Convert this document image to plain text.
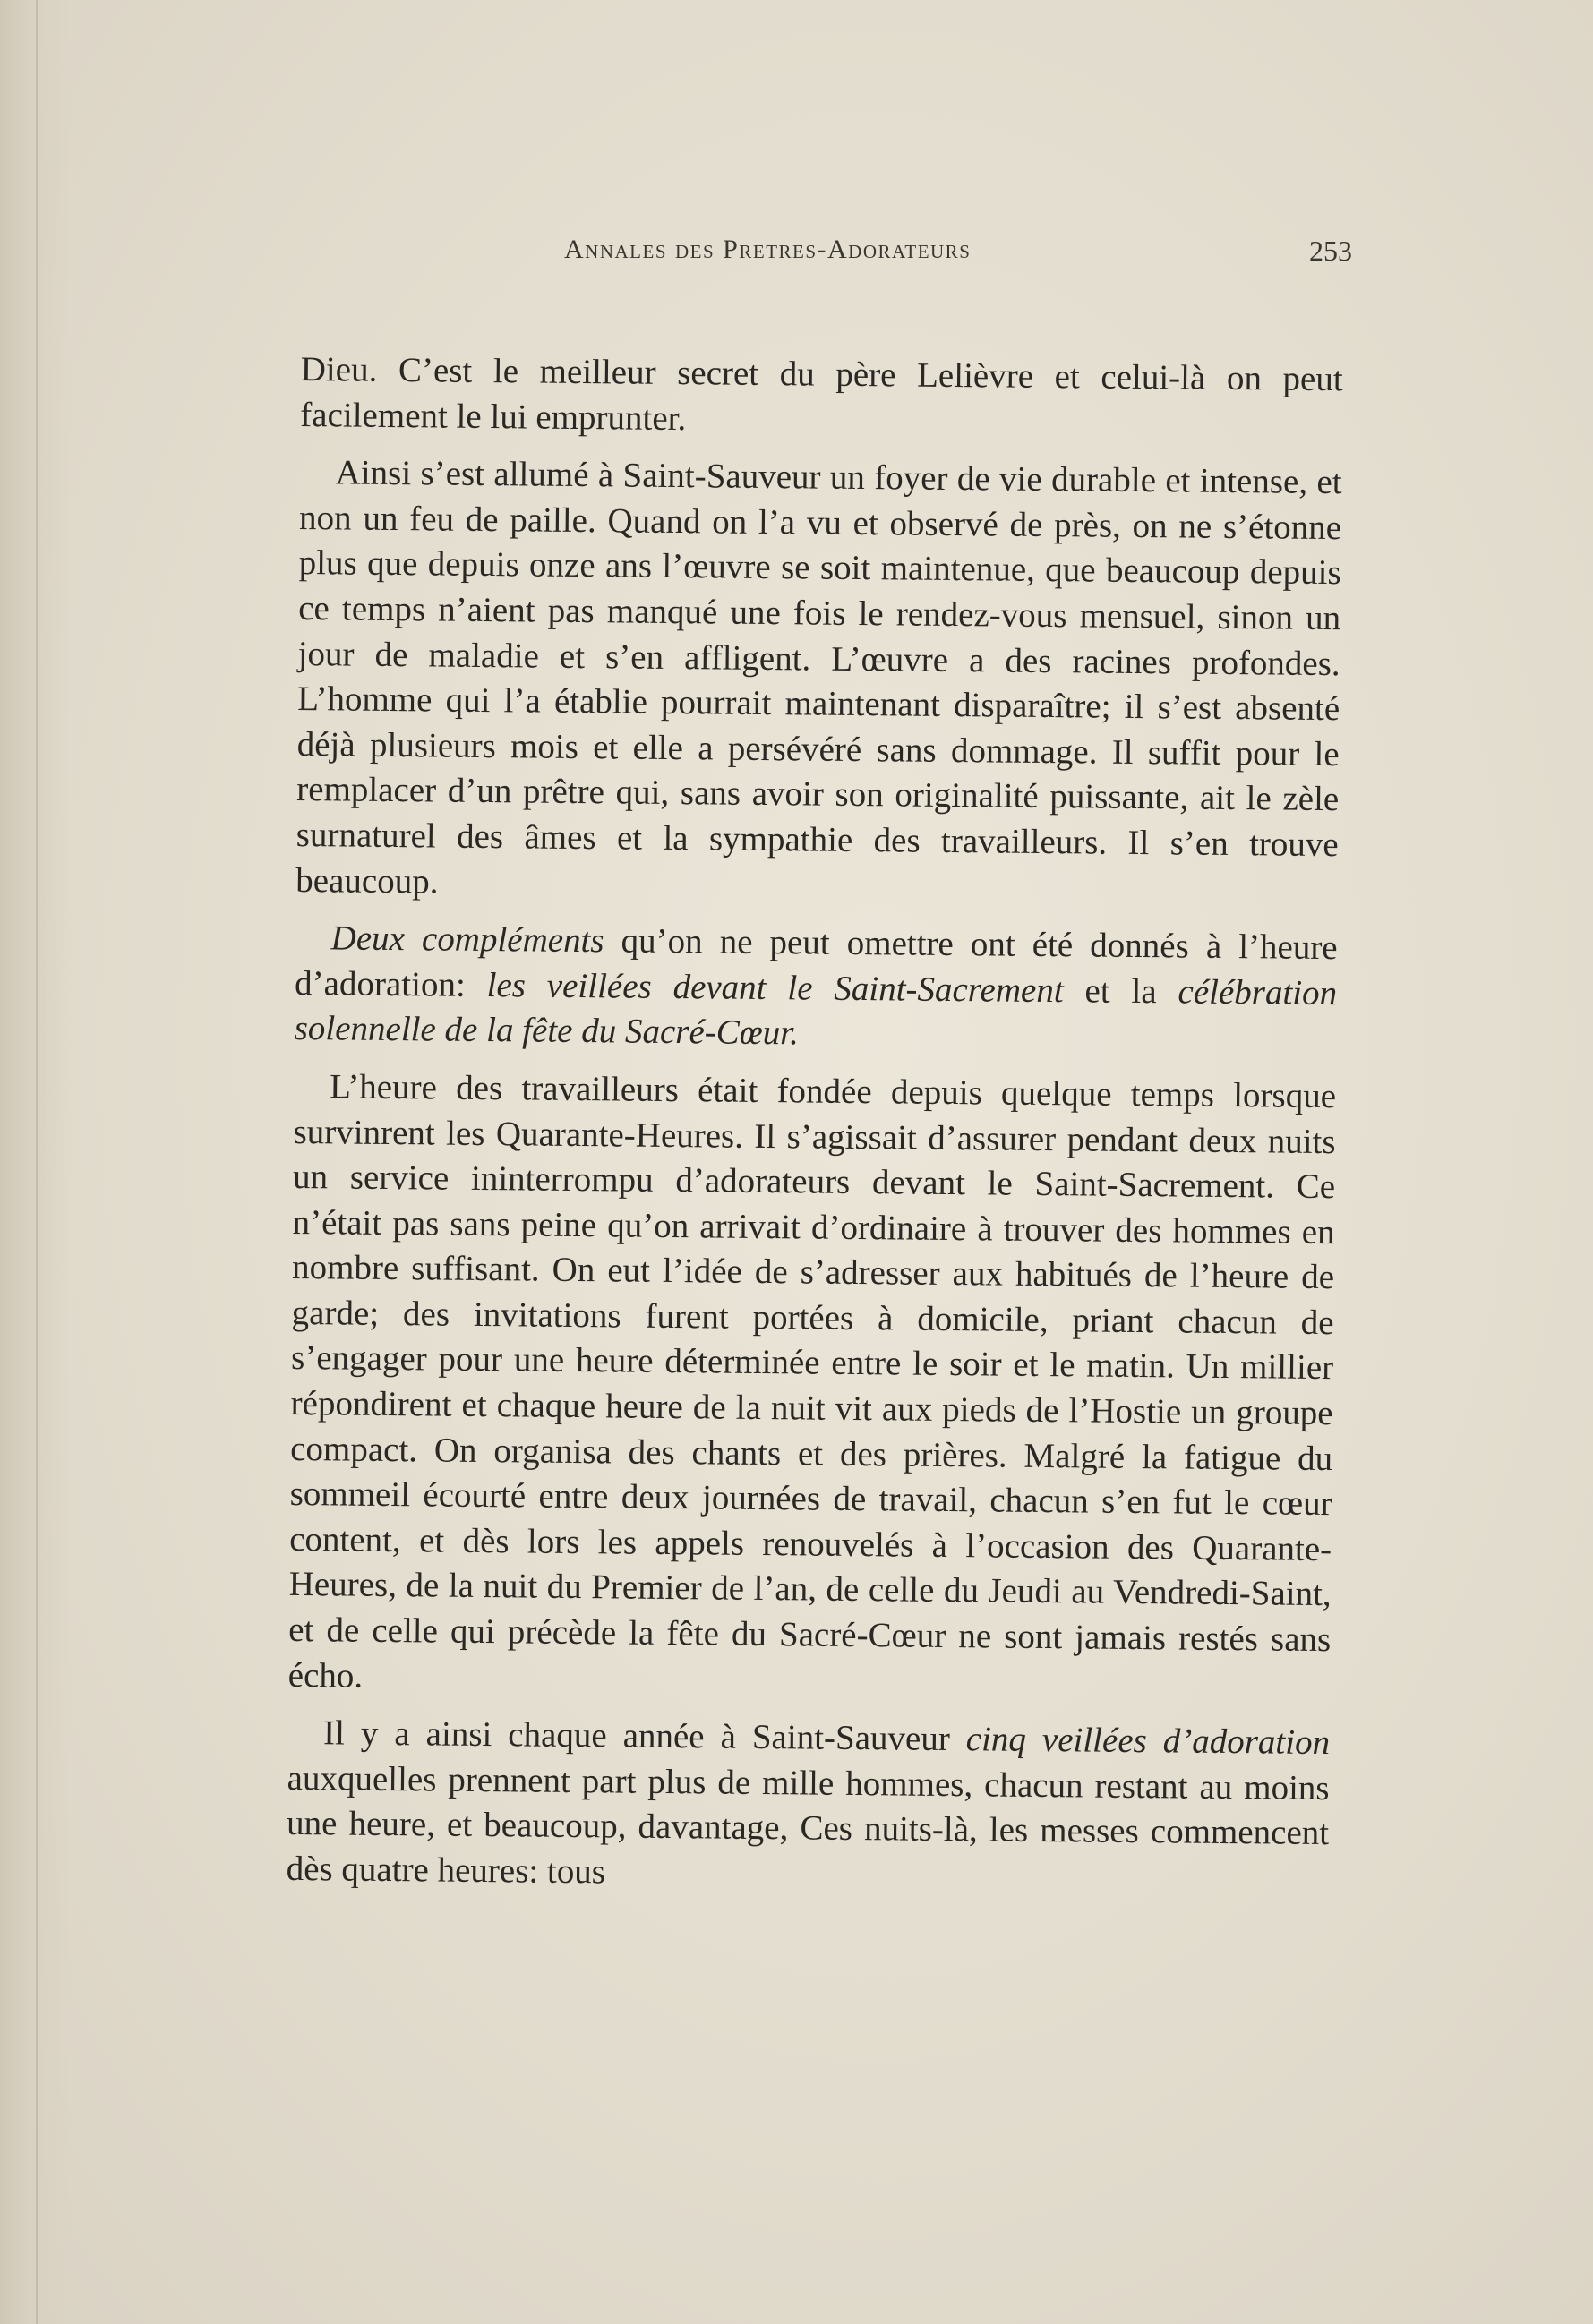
Annales des Pretres-Adorateurs	253

Dieu. C’est le meilleur secret du père Lelièvre et celui-là on peut facilement le lui emprunter.

Ainsi s’est allumé à Saint-Sauveur un foyer de vie durable et intense, et non un feu de paille. Quand on l’a vu et observé de près, on ne s’étonne plus que depuis onze ans l’œuvre se soit maintenue, que beaucoup depuis ce temps n’aient pas manqué une fois le rendez-vous mensuel, sinon un jour de maladie et s’en affligent. L’œuvre a des racines profondes. L’homme qui l’a établie pourrait maintenant disparaître; il s’est absenté déjà plusieurs mois et elle a persévéré sans dommage. Il suffit pour le remplacer d’un prêtre qui, sans avoir son originalité puissante, ait le zèle surnaturel des âmes et la sympathie des travailleurs. Il s’en trouve beaucoup.

Deux compléments qu’on ne peut omettre ont été donnés à l’heure d’adoration: les veillées devant le Saint-Sacrement et la célébration solennelle de la fête du Sacré-Cœur.

L’heure des travailleurs était fondée depuis quelque temps lorsque survinrent les Quarante-Heures. Il s’agissait d’assurer pendant deux nuits un service ininterrompu d’adorateurs devant le Saint-Sacrement. Ce n’était pas sans peine qu’on arrivait d’ordinaire à trouver des hommes en nombre suffisant. On eut l’idée de s’adresser aux habitués de l’heure de garde; des invitations furent portées à domicile, priant chacun de s’engager pour une heure déterminée entre le soir et le matin. Un millier répondirent et chaque heure de la nuit vit aux pieds de l’Hostie un groupe compact. On organisa des chants et des prières. Malgré la fatigue du sommeil écourté entre deux journées de travail, chacun s’en fut le cœur content, et dès lors les appels renouvelés à l’occasion des Quarante-Heures, de la nuit du Premier de l’an, de celle du Jeudi au Vendredi-Saint, et de celle qui précède la fête du Sacré-Cœur ne sont jamais restés sans écho.

Il y a ainsi chaque année à Saint-Sauveur cinq veillées d’adoration auxquelles prennent part plus de mille hommes, chacun restant au moins une heure, et beaucoup, davantage, Ces nuits-là, les messes commencent dès quatre heures: tous
